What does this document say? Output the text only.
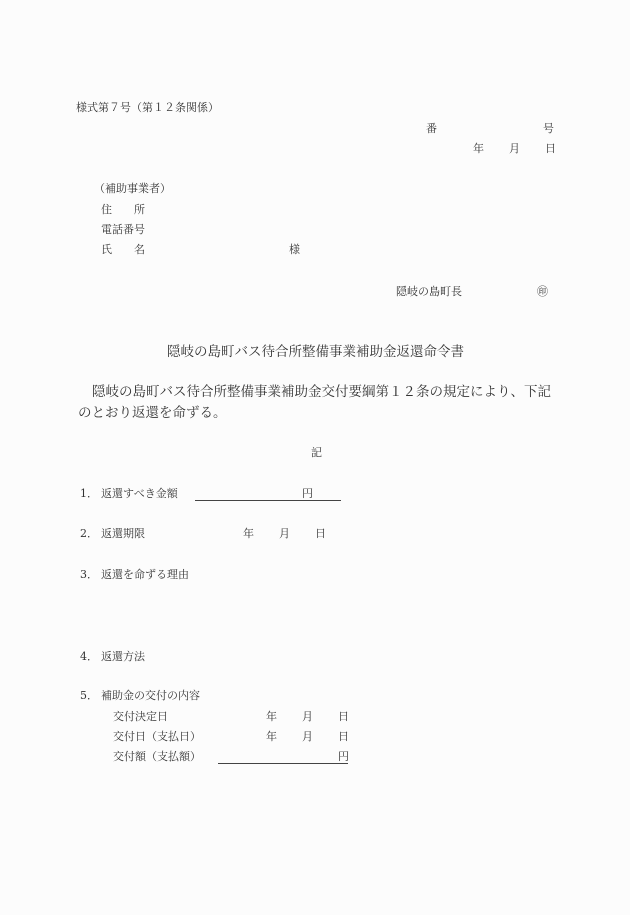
様式第７号（第１２条関係）
番	号
年 月 日
（補助事業者）
住　　所
電話番号
氏　　名	様
隠岐の島町長	㊞
隠岐の島町バス待合所整備事業補助金返還命令書
隠岐の島町バス待合所整備事業補助金交付要綱第１２条の規定により、下記
のとおり返還を命ずる。
記
1． 返還すべき金額	円
2． 返還期限	年 月 日
3． 返還を命ずる理由
4． 返還方法
5． 補助金の交付の内容
交付決定日	年 月 日
交付日（支払日）	年 月 日
交付額（支払額）	円
